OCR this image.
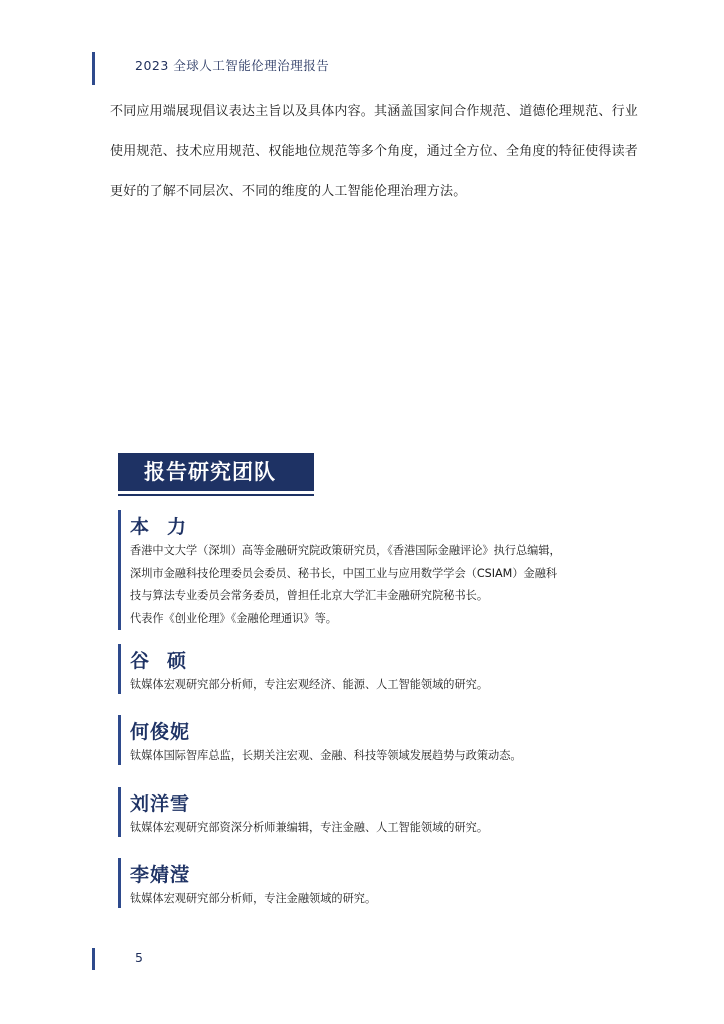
2023 全球人工智能伦理治理报告
不同应用端展现倡议表达主旨以及具体内容。其涵盖国家间合作规范、道德伦理规范、行业
使用规范、技术应用规范、权能地位规范等多个角度，通过全方位、全角度的特征使得读者
更好的了解不同层次、不同的维度的人工智能伦理治理方法。
报告研究团队
本力
香港中文大学（深圳）高等金融研究院政策研究员，《香港国际金融评论》执行总编辑，
深圳市金融科技伦理委员会委员、秘书长，中国工业与应用数学学会（CSIAM）金融科
技与算法专业委员会常务委员，曾担任北京大学汇丰金融研究院秘书长。
代表作《创业伦理》《金融伦理通识》等。
谷硕
钛媒体宏观研究部分析师，专注宏观经济、能源、人工智能领域的研究。
何俊妮
钛媒体国际智库总监，长期关注宏观、金融、科技等领域发展趋势与政策动态。
刘洋雪
钛媒体宏观研究部资深分析师兼编辑，专注金融、人工智能领域的研究。
李婧滢
钛媒体宏观研究部分析师，专注金融领域的研究。
5
